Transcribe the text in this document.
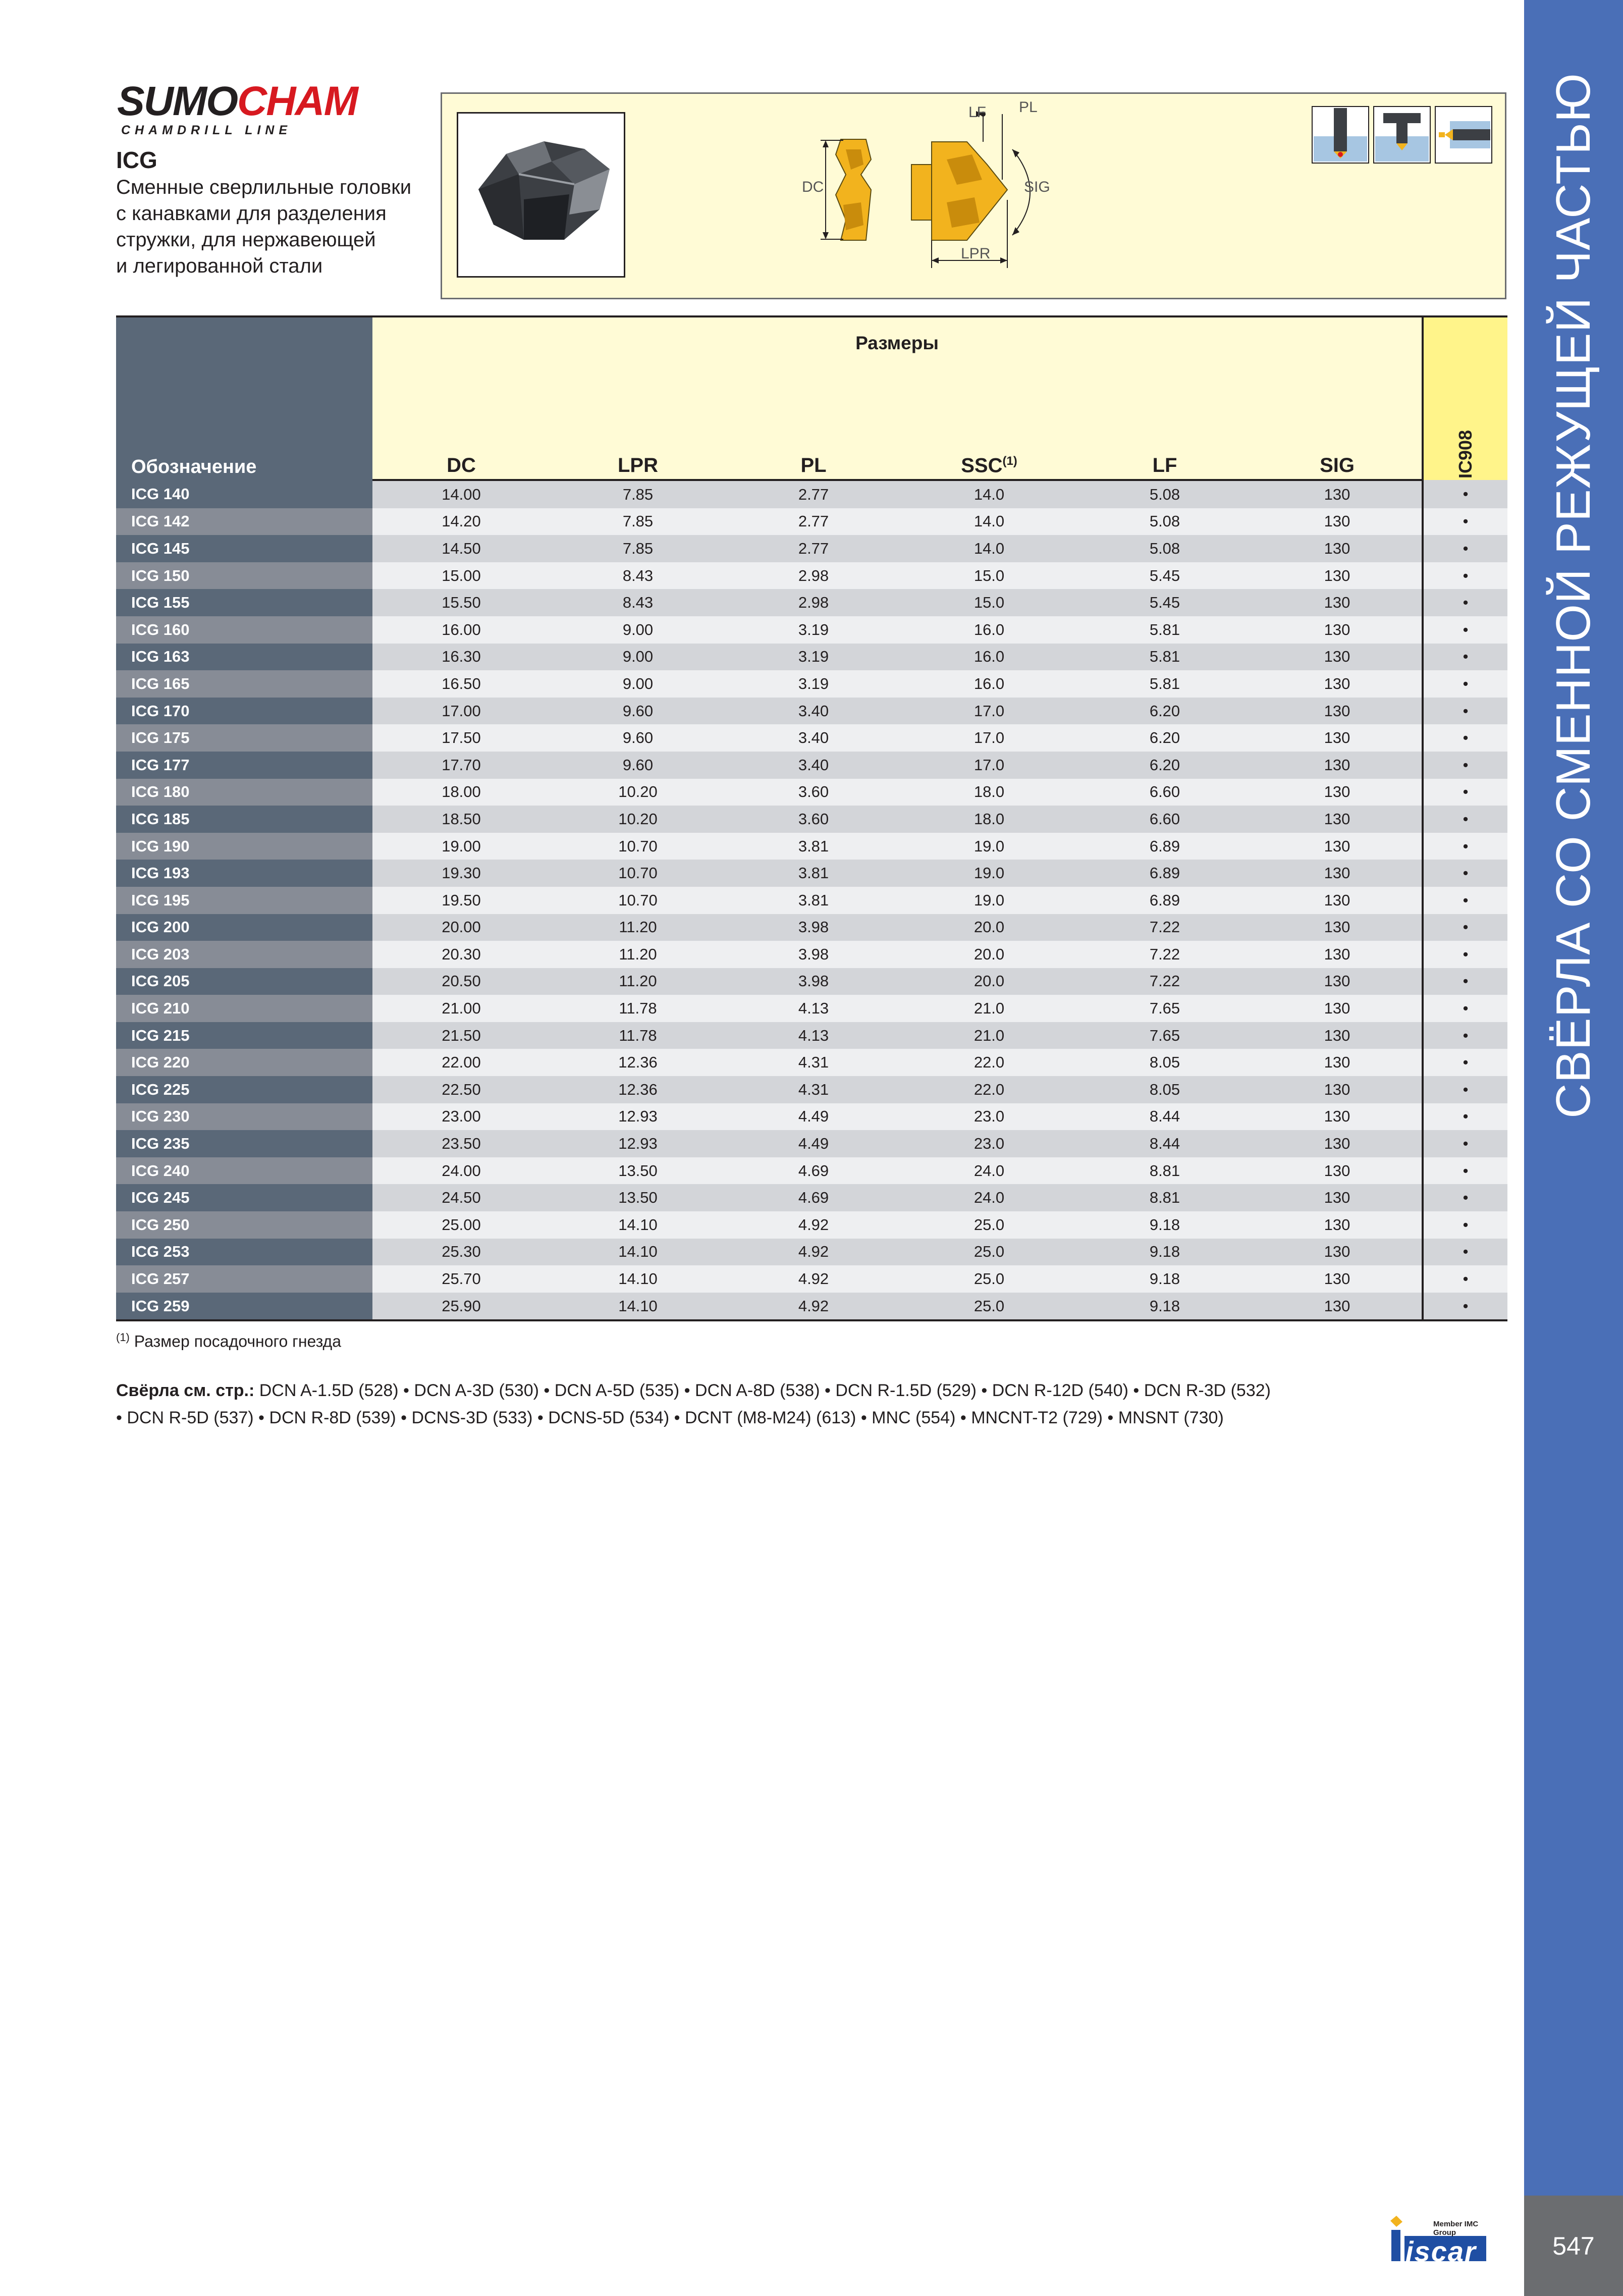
СВЁРЛА СО СМЕННОЙ РЕЖУЩЕЙ ЧАСТЬЮ
547
SUMOCHAM
CHAMDRILL LINE
ICG
Сменные сверлильные головки
с канавками для разделения
стружки, для нержавеющей
и легированной стали
LF PL
DC	SIG
LPR
Обозначение	Размеры						IC908

	DC	LPR	PL	SSC$^{(1)}$	LF	SIG	
ICG 140	14.00	7.85	2.77	14.0	5.08	130	•
ICG 142	14.20	7.85	2.77	14.0	5.08	130	•
ICG 145	14.50	7.85	2.77	14.0	5.08	130	•
ICG 150	15.00	8.43	2.98	15.0	5.45	130	•
ICG 155	15.50	8.43	2.98	15.0	5.45	130	•
ICG 160	16.00	9.00	3.19	16.0	5.81	130	•
ICG 163	16.30	9.00	3.19	16.0	5.81	130	•
ICG 165	16.50	9.00	3.19	16.0	5.81	130	•
ICG 170	17.00	9.60	3.40	17.0	6.20	130	•
ICG 175	17.50	9.60	3.40	17.0	6.20	130	•
ICG 177	17.70	9.60	3.40	17.0	6.20	130	•
ICG 180	18.00	10.20	3.60	18.0	6.60	130	•
ICG 185	18.50	10.20	3.60	18.0	6.60	130	•
ICG 190	19.00	10.70	3.81	19.0	6.89	130	•
ICG 193	19.30	10.70	3.81	19.0	6.89	130	•
ICG 195	19.50	10.70	3.81	19.0	6.89	130	•
ICG 200	20.00	11.20	3.98	20.0	7.22	130	•
ICG 203	20.30	11.20	3.98	20.0	7.22	130	•
ICG 205	20.50	11.20	3.98	20.0	7.22	130	•
ICG 210	21.00	11.78	4.13	21.0	7.65	130	•
ICG 215	21.50	11.78	4.13	21.0	7.65	130	•
ICG 220	22.00	12.36	4.31	22.0	8.05	130	•
ICG 225	22.50	12.36	4.31	22.0	8.05	130	•
ICG 230	23.00	12.93	4.49	23.0	8.44	130	•
ICG 235	23.50	12.93	4.49	23.0	8.44	130	•
ICG 240	24.00	13.50	4.69	24.0	8.81	130	•
ICG 245	24.50	13.50	4.69	24.0	8.81	130	•
ICG 250	25.00	14.10	4.92	25.0	9.18	130	•
ICG 253	25.30	14.10	4.92	25.0	9.18	130	•
ICG 257	25.70	14.10	4.92	25.0	9.18	130	•
ICG 259	25.90	14.10	4.92	25.0	9.18	130	•
$^{(1)}$ Размер посадочного гнезда
Свёрла см. стр.: DCN A-1.5D (528) • DCN A-3D (530) • DCN A-5D (535) • DCN A-8D (538) • DCN R-1.5D (529) • DCN R-12D (540) • DCN R-3D (532)
• DCN R-5D (537) • DCN R-8D (539) • DCNS-3D (533) • DCNS-5D (534) • DCNT (M8-M24) (613) • MNC (554) • MNCNT-T2 (729) • MNSNT (730)
Member IMC Group
iscar
